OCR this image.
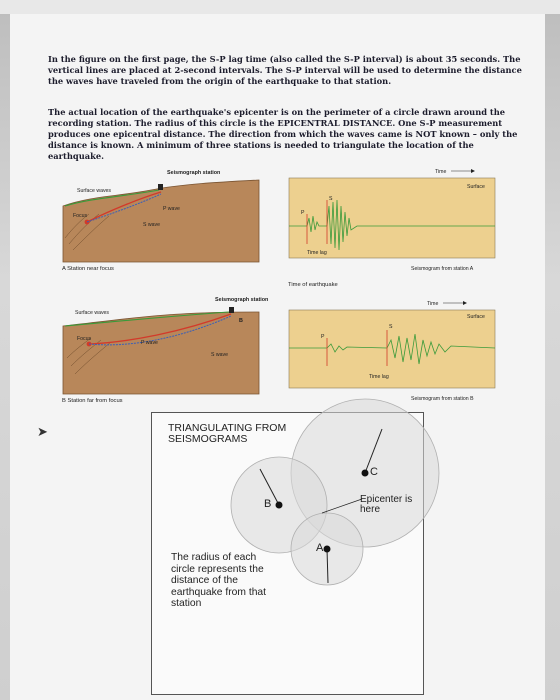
In the figure on the first page, the S-P lag time (also called the S-P interval) is about 35 seconds. The vertical lines are placed at 2-second intervals. The S-P interval will be used to determine the distance the waves have traveled from the origin of the earthquake to that station.
The actual location of the earthquake's epicenter is on the perimeter of a circle drawn around the recording station. The radius of this circle is the EPICENTRAL DISTANCE. One S-P measurement produces one epicentral distance. The direction from which the waves came is NOT known – only the distance is known. A minimum of three stations is needed to triangulate the location of the earthquake.
Seismograph station
Surface waves
P wave
S wave
Focus
A Station near focus
Seismograph station
B
Surface waves
P wave
S wave
Focus
B Station far from focus
Time
P
S
Surface
Time lag
Seismogram from station A
Time of earthquake
Time
P
S
Surface
Time lag
Seismogram from station B
TRIANGULATING FROM SEISMOGRAMS
C
B
A
Epicenter is here
The radius of each circle represents the distance of the earthquake from that station
➤
